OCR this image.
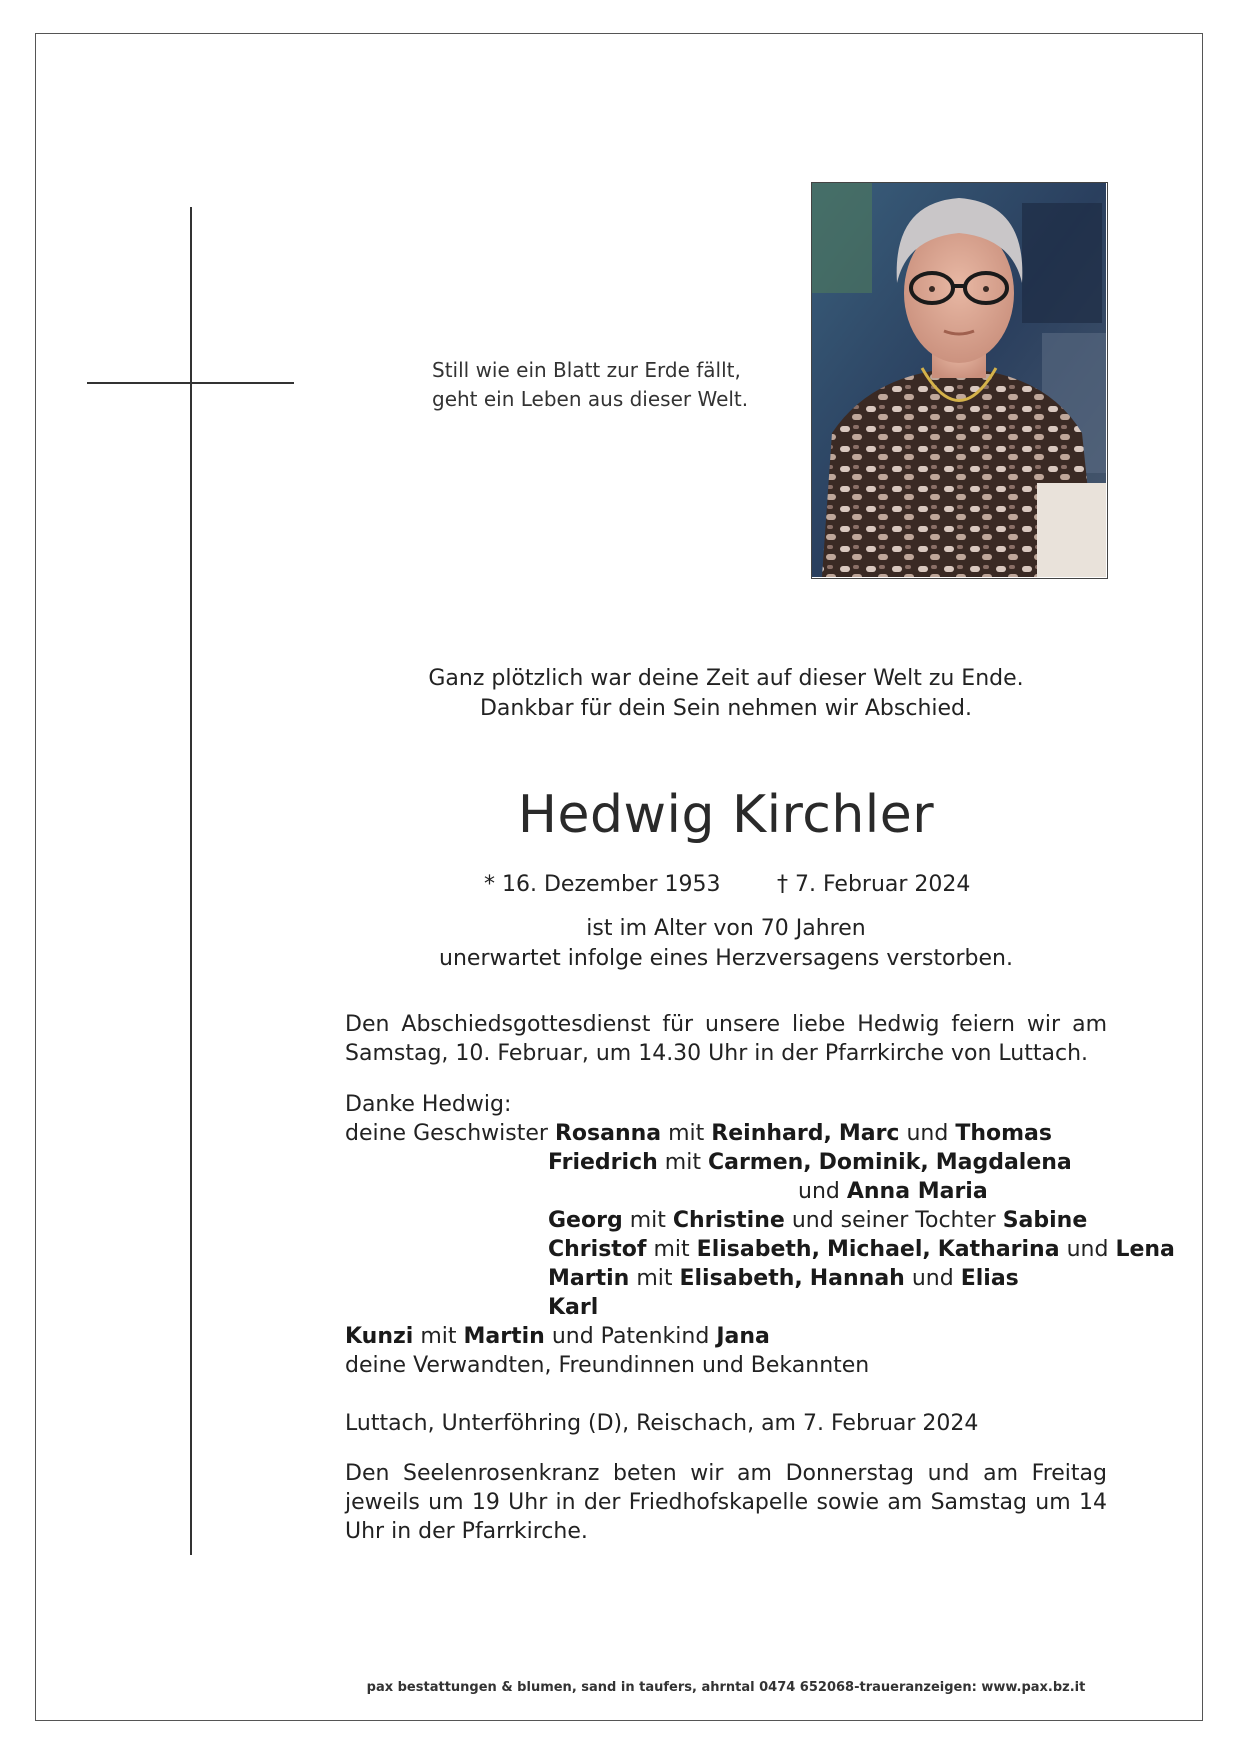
Still wie ein Blatt zur Erde fällt,
geht ein Leben aus dieser Welt.
Ganz plötzlich war deine Zeit auf dieser Welt zu Ende.
Dankbar für dein Sein nehmen wir Abschied.
Hedwig Kirchler
* 16. Dezember 1953	† 7. Februar 2024
ist im Alter von 70 Jahren
unerwartet infolge eines Herzversagens verstorben.
Den Abschiedsgottesdienst für unsere liebe Hedwig feiern wir am Samstag, 10. Februar, um 14.30 Uhr in der Pfarrkirche von Luttach.
Danke Hedwig:
deine Geschwister Rosanna mit Reinhard, Marc und Thomas
Friedrich mit Carmen, Dominik, Magdalena
und Anna Maria
Georg mit Christine und seiner Tochter Sabine
Christof mit Elisabeth, Michael, Katharina und Lena
Martin mit Elisabeth, Hannah und Elias
Karl
Kunzi mit Martin und Patenkind Jana
deine Verwandten, Freundinnen und Bekannten
Luttach, Unterföhring (D), Reischach, am 7. Februar 2024
Den Seelenrosenkranz beten wir am Donnerstag und am Freitag jeweils um 19 Uhr in der Friedhofskapelle sowie am Samstag um 14 Uhr in der Pfarrkirche.
pax bestattungen & blumen, sand in taufers, ahrntal 0474 652068-traueranzeigen: www.pax.bz.it
